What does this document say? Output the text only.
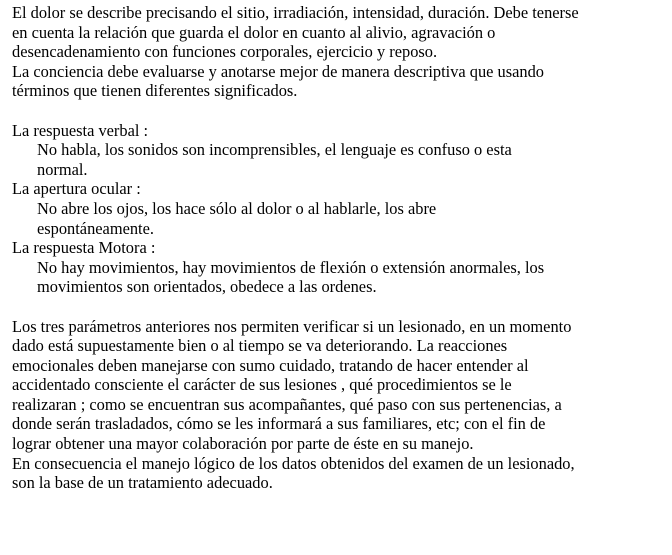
El dolor se describe precisando el sitio, irradiación, intensidad, duración. Debe tenerse
en cuenta la relación que guarda el dolor en cuanto al alivio, agravación o
desencadenamiento con funciones corporales, ejercicio y reposo.
La conciencia debe evaluarse y anotarse mejor de manera descriptiva que usando
términos que tienen diferentes significados.
La respuesta verbal :
No habla, los sonidos son incomprensibles, el lenguaje es confuso o esta
normal.
La apertura ocular :
No abre los ojos, los hace sólo al dolor o al hablarle, los abre
espontáneamente.
La respuesta Motora :
No hay movimientos, hay movimientos de flexión o extensión anormales, los
movimientos son orientados, obedece a las ordenes.
Los tres parámetros anteriores nos permiten verificar si un lesionado, en un momento
dado está supuestamente bien o al tiempo se va deteriorando. La reacciones
emocionales deben manejarse con sumo cuidado, tratando de hacer entender al
accidentado consciente el carácter de sus lesiones , qué procedimientos se le
realizaran ; como se encuentran sus acompañantes, qué paso con sus pertenencias, a
donde serán trasladados, cómo se les informará a sus familiares, etc; con el fin de
lograr obtener una mayor colaboración por parte de éste en su manejo.
En consecuencia el manejo lógico de los datos obtenidos del examen de un lesionado,
son la base de un tratamiento adecuado.
